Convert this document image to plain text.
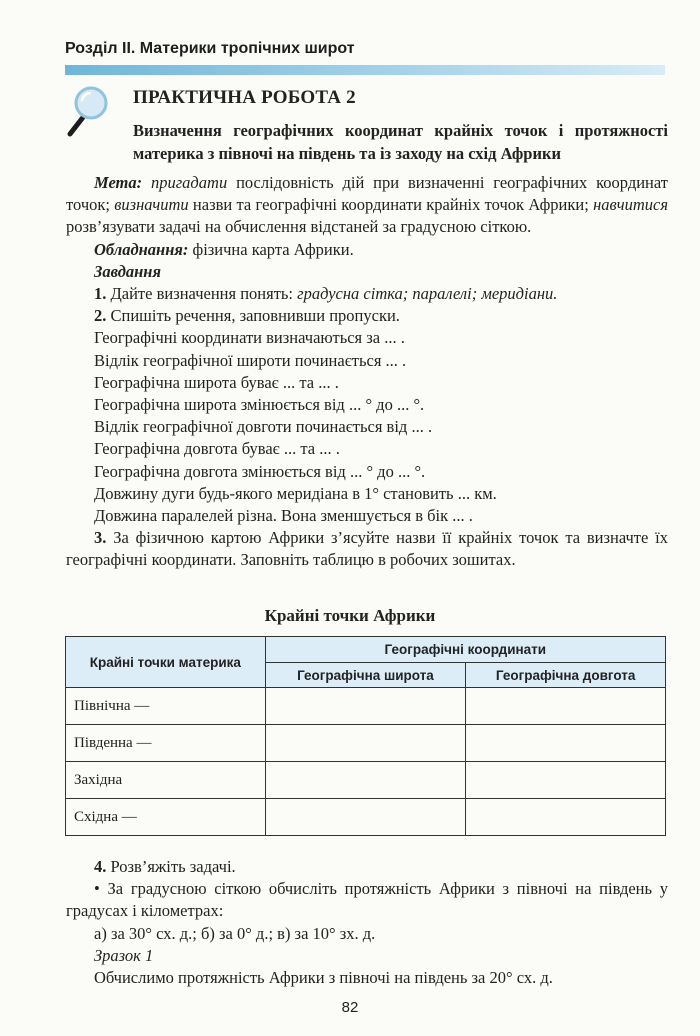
Розділ II. Материки тропічних широт
ПРАКТИЧНА РОБОТА 2
Визначення географічних координат крайніх точок і протяжності материка з півночі на південь та із заходу на схід Африки

Мета: пригадати послідовність дій при визначенні географічних координат точок; визначити назви та географічні координати крайніх точок Африки; навчитися розв’язувати задачі на обчислення відстаней за градусною сіткою.

Обладнання: фізична карта Африки.

Завдання

1. Дайте визначення понять: градусна сітка; паралелі; меридіани.

2. Спишіть речення, заповнивши пропуски.

Географічні координати визначаються за ... .

Відлік географічної широти починається ... .

Географічна широта буває ... та ... .

Географічна широта змінюється від ... ° до ... °.

Відлік географічної довготи починається від ... .

Географічна довгота буває ... та ... .

Географічна довгота змінюється від ... ° до ... °.

Довжину дуги будь-якого меридіана в 1° становить ... км.

Довжина паралелей різна. Вона зменшується в бік ... .

3. За фізичною картою Африки з’ясуйте назви її крайніх точок та визначте їх географічні координати. Заповніть таблицю в робочих зошитах.

Крайні точки Африки
Крайні точки материка	Географічні координати	
	Географічна широта	Географічна довгота
Північна —		
Південна —		
Західна		
Східна —		

4. Розв’яжіть задачі.

• За градусною сіткою обчисліть протяжність Африки з півночі на південь у градусах і кілометрах:

а) за 30° сх. д.; б) за 0° д.; в) за 10° зх. д.

Зразок 1

Обчислимо протяжність Африки з півночі на південь за 20° сх. д.

82
